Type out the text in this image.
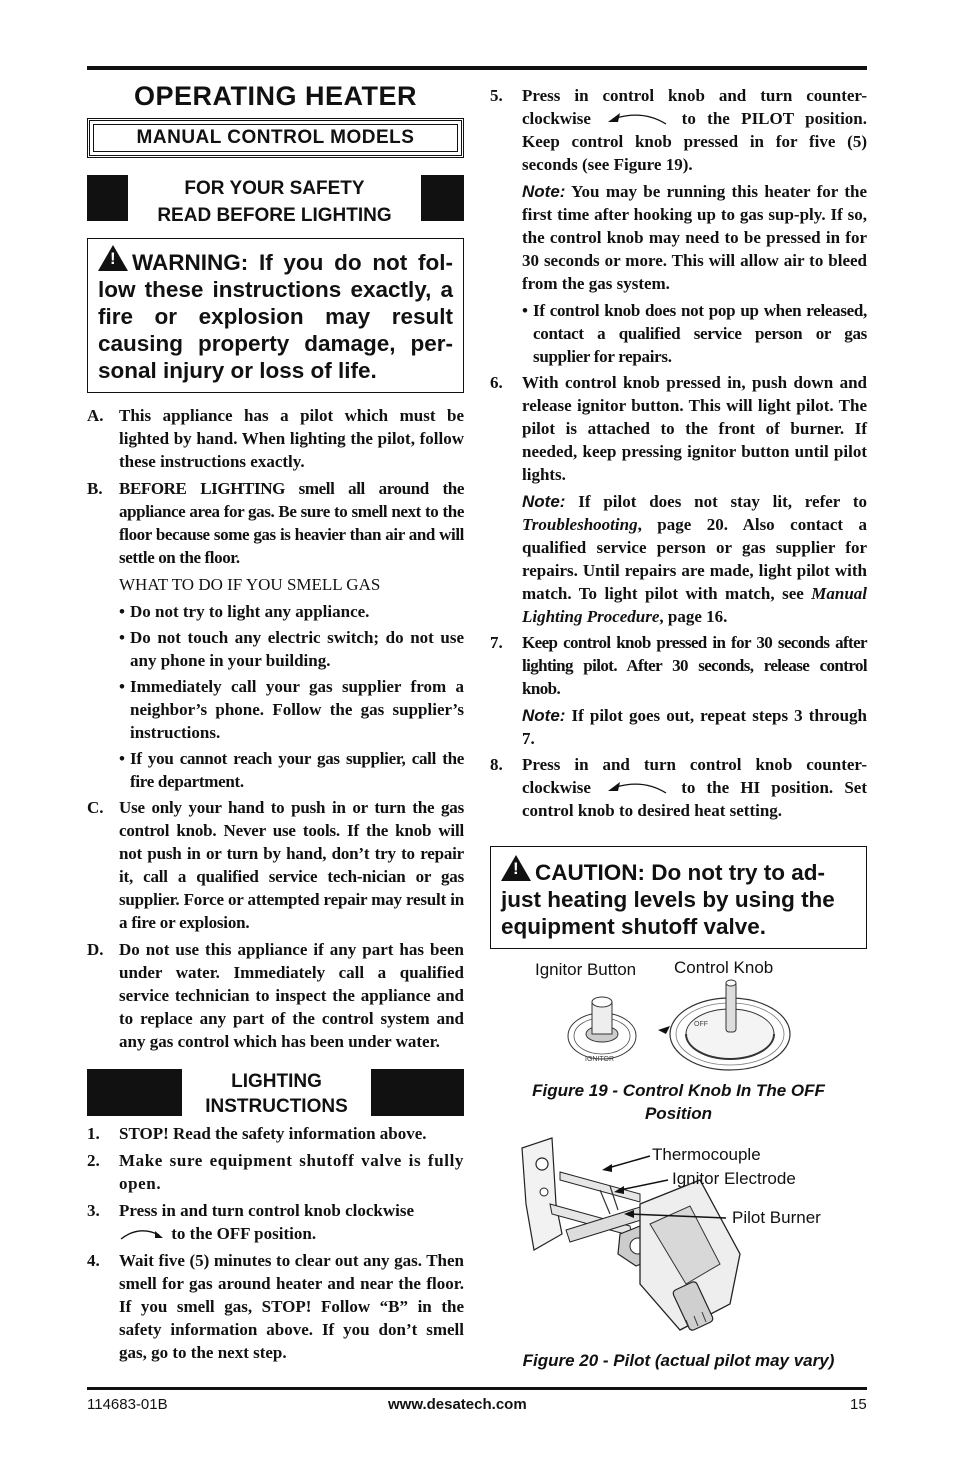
OPERATING HEATER
MANUAL CONTROL MODELS
FOR YOUR SAFETY
READ BEFORE LIGHTING
!WARNING: If you do not fol-low these instructions exactly, a fire or explosion may result causing property damage, per-sonal injury or loss of life.
A. This appliance has a pilot which must be lighted by hand. When lighting the pilot, follow these instructions exactly.
B. BEFORE LIGHTING smell all around the appliance area for gas. Be sure to smell next to the floor because some gas is heavier than air and will settle on the floor.
WHAT TO DO IF YOU SMELL GAS
• Do not try to light any appliance.
• Do not touch any electric switch; do not use any phone in your building.
• Immediately call your gas supplier from a neighbor’s phone. Follow the gas supplier’s instructions.
• If you cannot reach your gas supplier, call the fire department.
C. Use only your hand to push in or turn the gas control knob. Never use tools. If the knob will not push in or turn by hand, don’t try to repair it, call a qualified service tech-nician or gas supplier. Force or attempted repair may result in a fire or explosion.
D. Do not use this appliance if any part has been under water. Immediately call a qualified service technician to inspect the appliance and to replace any part of the control system and any gas control which has been under water.
LIGHTING
INSTRUCTIONS
1.	STOP! Read the safety information above.
2.	Make sure equipment shutoff valve is fully open.
3.	Press in and turn control knob clockwise
to the OFF position.
4.	Wait five (5) minutes to clear out any gas. Then smell for gas around heater and near the floor. If you smell gas, STOP! Follow “B” in the safety information above. If you don’t smell gas, go to the next step.
5.	Press in control knob and turn counter-clockwise	to the PILOT position. Keep control knob pressed in for five (5) seconds (see Figure 19).
Note: You may be running this heater for the first time after hooking up to gas sup-ply. If so, the control knob may need to be pressed in for 30 seconds or more. This will allow air to bleed from the gas system.
• If control knob does not pop up when released, contact a qualified service person or gas supplier for repairs.
6.	With control knob pressed in, push down and release ignitor button. This will light pilot. The pilot is attached to the front of burner. If needed, keep pressing ignitor button until pilot lights.
Note: If pilot does not stay lit, refer to Troubleshooting, page 20. Also contact a qualified service person or gas supplier for repairs. Until repairs are made, light pilot with match. To light pilot with match, see Manual Lighting Procedure, page 16.
7.	Keep control knob pressed in for 30 seconds after lighting pilot. After 30 seconds, release control knob.
Note: If pilot goes out, repeat steps 3 through 7.
8.	Press in and turn control knob counter-clockwise	to the HI position. Set control knob to desired heat setting.
!CAUTION: Do not try to ad-just heating levels by using the equipment shutoff valve.
Ignitor Button Control Knob
IGNITOR
OFF
Figure 19 - Control Knob In The OFF
Position
Thermocouple
Ignitor Electrode
Pilot Burner
Figure 20 - Pilot (actual pilot may vary)
114683-01B	www.desatech.com	15
